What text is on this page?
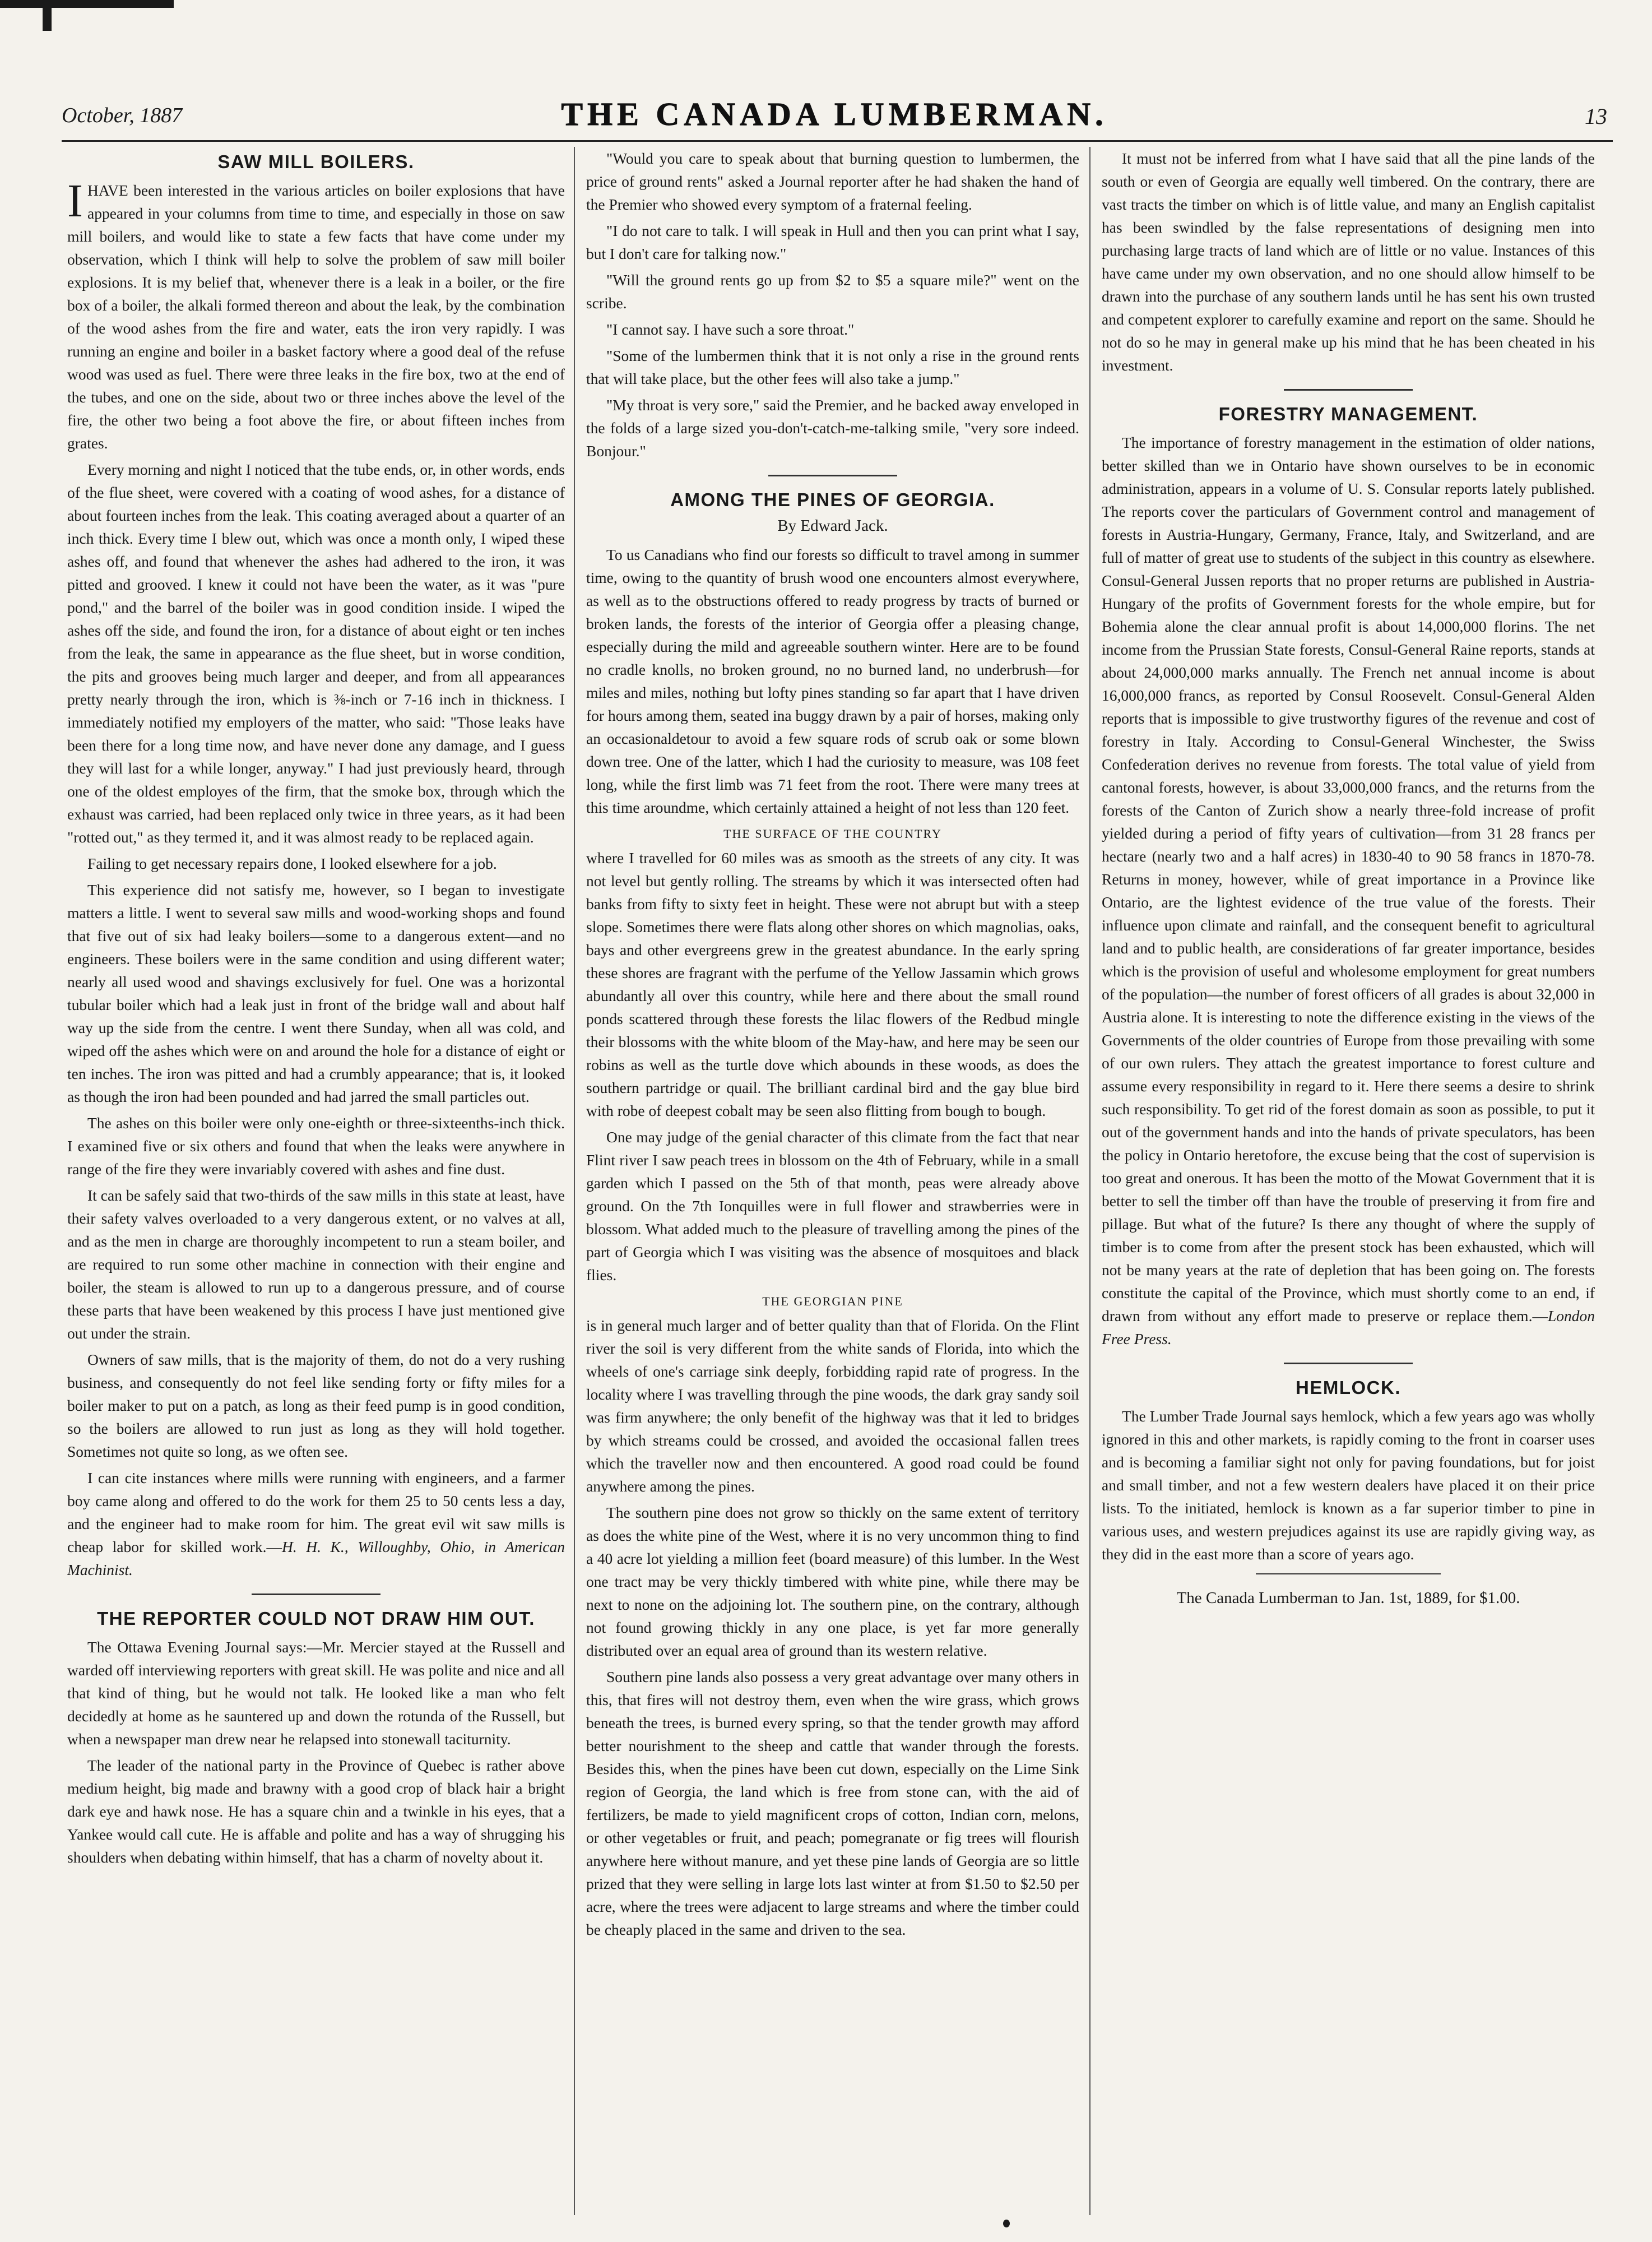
October, 1887	THE CANADA LUMBERMAN.	13
SAW MILL BOILERS.

IHAVE been interested in the various articles on boiler explosions that have appeared in your columns from time to time, and especially in those on saw mill boilers, and would like to state a few facts that have come under my observation, which I think will help to solve the problem of saw mill boiler explosions. It is my belief that, whenever there is a leak in a boiler, or the fire box of a boiler, the alkali formed thereon and about the leak, by the combination of the wood ashes from the fire and water, eats the iron very rapidly. I was running an engine and boiler in a basket factory where a good deal of the refuse wood was used as fuel. There were three leaks in the fire box, two at the end of the tubes, and one on the side, about two or three inches above the level of the fire, the other two being a foot above the fire, or about fifteen inches from grates.

Every morning and night I noticed that the tube ends, or, in other words, ends of the flue sheet, were covered with a coating of wood ashes, for a distance of about fourteen inches from the leak. This coating averaged about a quarter of an inch thick. Every time I blew out, which was once a month only, I wiped these ashes off, and found that whenever the ashes had adhered to the iron, it was pitted and grooved. I knew it could not have been the water, as it was "pure pond," and the barrel of the boiler was in good condition inside. I wiped the ashes off the side, and found the iron, for a distance of about eight or ten inches from the leak, the same in appearance as the flue sheet, but in worse condition, the pits and grooves being much larger and deeper, and from all appearances pretty nearly through the iron, which is ⅜-inch or 7-16 inch in thickness. I immediately notified my employers of the matter, who said: "Those leaks have been there for a long time now, and have never done any damage, and I guess they will last for a while longer, anyway." I had just previously heard, through one of the oldest employes of the firm, that the smoke box, through which the exhaust was carried, had been replaced only twice in three years, as it had been "rotted out," as they termed it, and it was almost ready to be replaced again.

Failing to get necessary repairs done, I looked elsewhere for a job.

This experience did not satisfy me, however, so I began to investigate matters a little. I went to several saw mills and wood-working shops and found that five out of six had leaky boilers—some to a dangerous extent—and no engineers. These boilers were in the same condition and using different water; nearly all used wood and shavings exclusively for fuel. One was a horizontal tubular boiler which had a leak just in front of the bridge wall and about half way up the side from the centre. I went there Sunday, when all was cold, and wiped off the ashes which were on and around the hole for a distance of eight or ten inches. The iron was pitted and had a crumbly appearance; that is, it looked as though the iron had been pounded and had jarred the small particles out.

The ashes on this boiler were only one-eighth or three-sixteenths-inch thick. I examined five or six others and found that when the leaks were anywhere in range of the fire they were invariably covered with ashes and fine dust.

It can be safely said that two-thirds of the saw mills in this state at least, have their safety valves overloaded to a very dangerous extent, or no valves at all, and as the men in charge are thoroughly incompetent to run a steam boiler, and are required to run some other machine in connection with their engine and boiler, the steam is allowed to run up to a dangerous pressure, and of course these parts that have been weakened by this process I have just mentioned give out under the strain.

Owners of saw mills, that is the majority of them, do not do a very rushing business, and consequently do not feel like sending forty or fifty miles for a boiler maker to put on a patch, as long as their feed pump is in good condition, so the boilers are allowed to run just as long as they will hold together. Sometimes not quite so long, as we often see.

I can cite instances where mills were running with engineers, and a farmer boy came along and offered to do the work for them 25 to 50 cents less a day, and the engineer had to make room for him. The great evil wit saw mills is cheap labor for skilled work.—H. H. K., Willoughby, Ohio, in American Machinist.

THE REPORTER COULD NOT DRAW HIM OUT.

The Ottawa Evening Journal says:—Mr. Mercier stayed at the Russell and warded off interviewing reporters with great skill. He was polite and nice and all that kind of thing, but he would not talk. He looked like a man who felt decidedly at home as he sauntered up and down the rotunda of the Russell, but when a newspaper man drew near he relapsed into stonewall taciturnity.

The leader of the national party in the Province of Quebec is rather above medium height, big made and brawny with a good crop of black hair a bright dark eye and hawk nose. He has a square chin and a twinkle in his eyes, that a Yankee would call cute. He is affable and polite and has a way of shrugging his shoulders when debating within himself, that has a charm of novelty about it.

"Would you care to speak about that burning question to lumbermen, the price of ground rents" asked a Journal reporter after he had shaken the hand of the Premier who showed every symptom of a fraternal feeling.

"I do not care to talk. I will speak in Hull and then you can print what I say, but I don't care for talking now."

"Will the ground rents go up from $2 to $5 a square mile?" went on the scribe.

"I cannot say. I have such a sore throat."

"Some of the lumbermen think that it is not only a rise in the ground rents that will take place, but the other fees will also take a jump."

"My throat is very sore," said the Premier, and he backed away enveloped in the folds of a large sized you-don't-catch-me-talking smile, "very sore indeed. Bonjour."

AMONG THE PINES OF GEORGIA.
By Edward Jack.

To us Canadians who find our forests so difficult to travel among in summer time, owing to the quantity of brush wood one encounters almost everywhere, as well as to the obstructions offered to ready progress by tracts of burned or broken lands, the forests of the interior of Georgia offer a pleasing change, especially during the mild and agreeable southern winter. Here are to be found no cradle knolls, no broken ground, no no burned land, no underbrush—for miles and miles, nothing but lofty pines standing so far apart that I have driven for hours among them, seated ina buggy drawn by a pair of horses, making only an occasionaldetour to avoid a few square rods of scrub oak or some blown down tree. One of the latter, which I had the curiosity to measure, was 108 feet long, while the first limb was 71 feet from the root. There were many trees at this time aroundme, which certainly attained a height of not less than 120 feet.

THE SURFACE OF THE COUNTRY

where I travelled for 60 miles was as smooth as the streets of any city. It was not level but gently rolling. The streams by which it was intersected often had banks from fifty to sixty feet in height. These were not abrupt but with a steep slope. Sometimes there were flats along other shores on which magnolias, oaks, bays and other evergreens grew in the greatest abundance. In the early spring these shores are fragrant with the perfume of the Yellow Jassamin which grows abundantly all over this country, while here and there about the small round ponds scattered through these forests the lilac flowers of the Redbud mingle their blossoms with the white bloom of the May-haw, and here may be seen our robins as well as the turtle dove which abounds in these woods, as does the southern partridge or quail. The brilliant cardinal bird and the gay blue bird with robe of deepest cobalt may be seen also flitting from bough to bough.

One may judge of the genial character of this climate from the fact that near Flint river I saw peach trees in blossom on the 4th of February, while in a small garden which I passed on the 5th of that month, peas were already above ground. On the 7th Ionquilles were in full flower and strawberries were in blossom. What added much to the pleasure of travelling among the pines of the part of Georgia which I was visiting was the absence of mosquitoes and black flies.

THE GEORGIAN PINE

is in general much larger and of better quality than that of Florida. On the Flint river the soil is very different from the white sands of Florida, into which the wheels of one's carriage sink deeply, forbidding rapid rate of progress. In the locality where I was travelling through the pine woods, the dark gray sandy soil was firm anywhere; the only benefit of the highway was that it led to bridges by which streams could be crossed, and avoided the occasional fallen trees which the traveller now and then encountered. A good road could be found anywhere among the pines.

The southern pine does not grow so thickly on the same extent of territory as does the white pine of the West, where it is no very uncommon thing to find a 40 acre lot yielding a million feet (board measure) of this lumber. In the West one tract may be very thickly timbered with white pine, while there may be next to none on the adjoining lot. The southern pine, on the contrary, although not found growing thickly in any one place, is yet far more generally distributed over an equal area of ground than its western relative.

Southern pine lands also possess a very great advantage over many others in this, that fires will not destroy them, even when the wire grass, which grows beneath the trees, is burned every spring, so that the tender growth may afford better nourishment to the sheep and cattle that wander through the forests. Besides this, when the pines have been cut down, especially on the Lime Sink region of Georgia, the land which is free from stone can, with the aid of fertilizers, be made to yield magnificent crops of cotton, Indian corn, melons, or other vegetables or fruit, and peach; pomegranate or fig trees will flourish anywhere here without manure, and yet these pine lands of Georgia are so little prized that they were selling in large lots last winter at from $1.50 to $2.50 per acre, where the trees were adjacent to large streams and where the timber could be cheaply placed in the same and driven to the sea.

It must not be inferred from what I have said that all the pine lands of the south or even of Georgia are equally well timbered. On the contrary, there are vast tracts the timber on which is of little value, and many an English capitalist has been swindled by the false representations of designing men into purchasing large tracts of land which are of little or no value. Instances of this have came under my own observation, and no one should allow himself to be drawn into the purchase of any southern lands until he has sent his own trusted and competent explorer to carefully examine and report on the same. Should he not do so he may in general make up his mind that he has been cheated in his investment.

FORESTRY MANAGEMENT.

The importance of forestry management in the estimation of older nations, better skilled than we in Ontario have shown ourselves to be in economic administration, appears in a volume of U. S. Consular reports lately published. The reports cover the particulars of Government control and management of forests in Austria-Hungary, Germany, France, Italy, and Switzerland, and are full of matter of great use to students of the subject in this country as elsewhere. Consul-General Jussen reports that no proper returns are published in Austria-Hungary of the profits of Government forests for the whole empire, but for Bohemia alone the clear annual profit is about 14,000,000 florins. The net income from the Prussian State forests, Consul-General Raine reports, stands at about 24,000,000 marks annually. The French net annual income is about 16,000,000 francs, as reported by Consul Roosevelt. Consul-General Alden reports that is impossible to give trustworthy figures of the revenue and cost of forestry in Italy. According to Consul-General Winchester, the Swiss Confederation derives no revenue from forests. The total value of yield from cantonal forests, however, is about 33,000,000 francs, and the returns from the forests of the Canton of Zurich show a nearly three-fold increase of profit yielded during a period of fifty years of cultivation—from 31 28 francs per hectare (nearly two and a half acres) in 1830-40 to 90 58 francs in 1870-78. Returns in money, however, while of great importance in a Province like Ontario, are the lightest evidence of the true value of the forests. Their influence upon climate and rainfall, and the consequent benefit to agricultural land and to public health, are considerations of far greater importance, besides which is the provision of useful and wholesome employment for great numbers of the population—the number of forest officers of all grades is about 32,000 in Austria alone. It is interesting to note the difference existing in the views of the Governments of the older countries of Europe from those prevailing with some of our own rulers. They attach the greatest importance to forest culture and assume every responsibility in regard to it. Here there seems a desire to shrink such responsibility. To get rid of the forest domain as soon as possible, to put it out of the government hands and into the hands of private speculators, has been the policy in Ontario heretofore, the excuse being that the cost of supervision is too great and onerous. It has been the motto of the Mowat Government that it is better to sell the timber off than have the trouble of preserving it from fire and pillage. But what of the future? Is there any thought of where the supply of timber is to come from after the present stock has been exhausted, which will not be many years at the rate of depletion that has been going on. The forests constitute the capital of the Province, which must shortly come to an end, if drawn from without any effort made to preserve or replace them.—London Free Press.

HEMLOCK.

The Lumber Trade Journal says hemlock, which a few years ago was wholly ignored in this and other markets, is rapidly coming to the front in coarser uses and is becoming a familiar sight not only for paving foundations, but for joist and small timber, and not a few western dealers have placed it on their price lists. To the initiated, hemlock is known as a far superior timber to pine in various uses, and western prejudices against its use are rapidly giving way, as they did in the east more than a score of years ago.

The Canada Lumberman to Jan. 1st, 1889, for $1.00.
